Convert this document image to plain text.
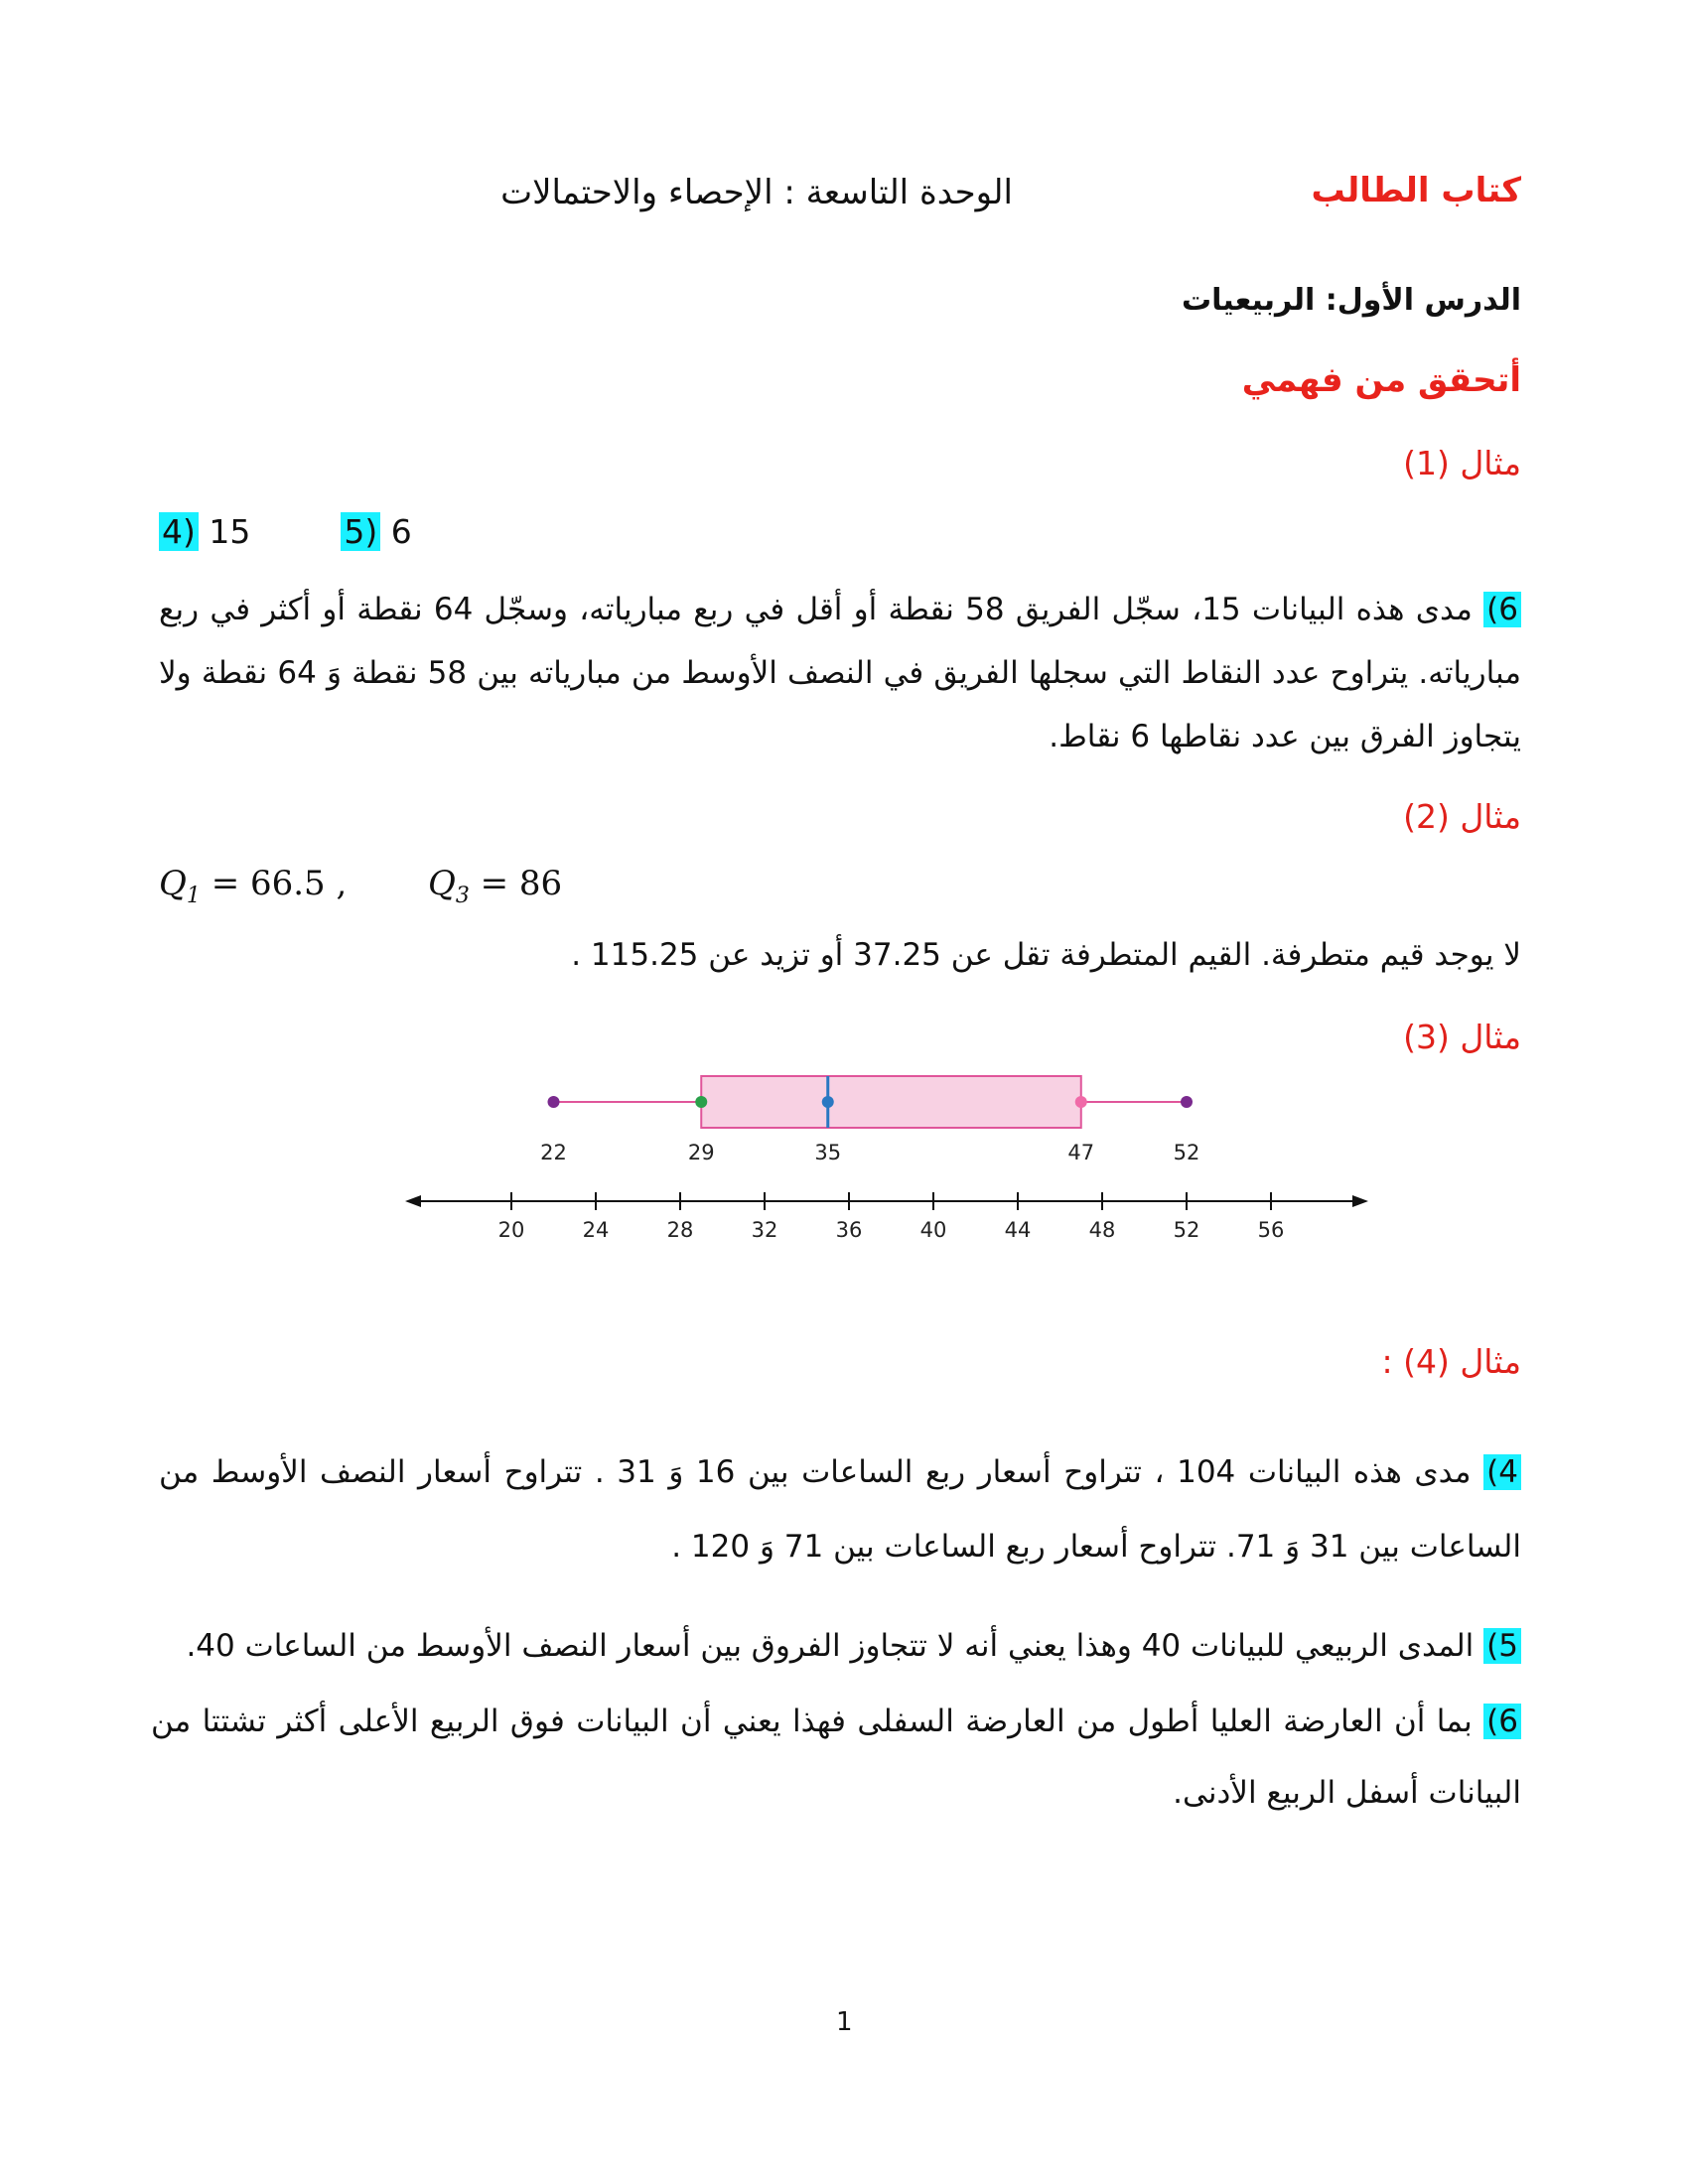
كتاب الطالب
الوحدة التاسعة : الإحصاء والاحتمالات
الدرس الأول: الربيعيات
أتحقق من فهمي
مثال (1)
4) 15	5) 6
6) مدى هذه البيانات 15، سجّل الفريق 58 نقطة أو أقل في ربع مبارياته، وسجّل 64 نقطة أو أكثر في ربع مبارياته. يتراوح عدد النقاط التي سجلها الفريق في النصف الأوسط من مبارياته بين 58 نقطة وَ 64 نقطة ولا يتجاوز الفرق بين عدد نقاطها 6 نقاط.
مثال (2)
$Q_1 = 66.5$ , $Q_3 = 86$
لا يوجد قيم متطرفة. القيم المتطرفة تقل عن 37.25 أو تزيد عن 115.25 .
مثال (3)
22	29	35	47	52
20	24	28	32	36	40	44	48	52	56
مثال (4) :
4) مدى هذه البيانات 104 ، تتراوح أسعار ربع الساعات بين 16 وَ 31 . تتراوح أسعار النصف الأوسط من الساعات بين 31 وَ 71. تتراوح أسعار ربع الساعات بين 71 وَ 120 .
5) المدى الربيعي للبيانات 40 وهذا يعني أنه لا تتجاوز الفروق بين أسعار النصف الأوسط من الساعات 40.
6) بما أن العارضة العليا أطول من العارضة السفلى فهذا يعني أن البيانات فوق الربيع الأعلى أكثر تشتتا من البيانات أسفل الربيع الأدنى.
1
